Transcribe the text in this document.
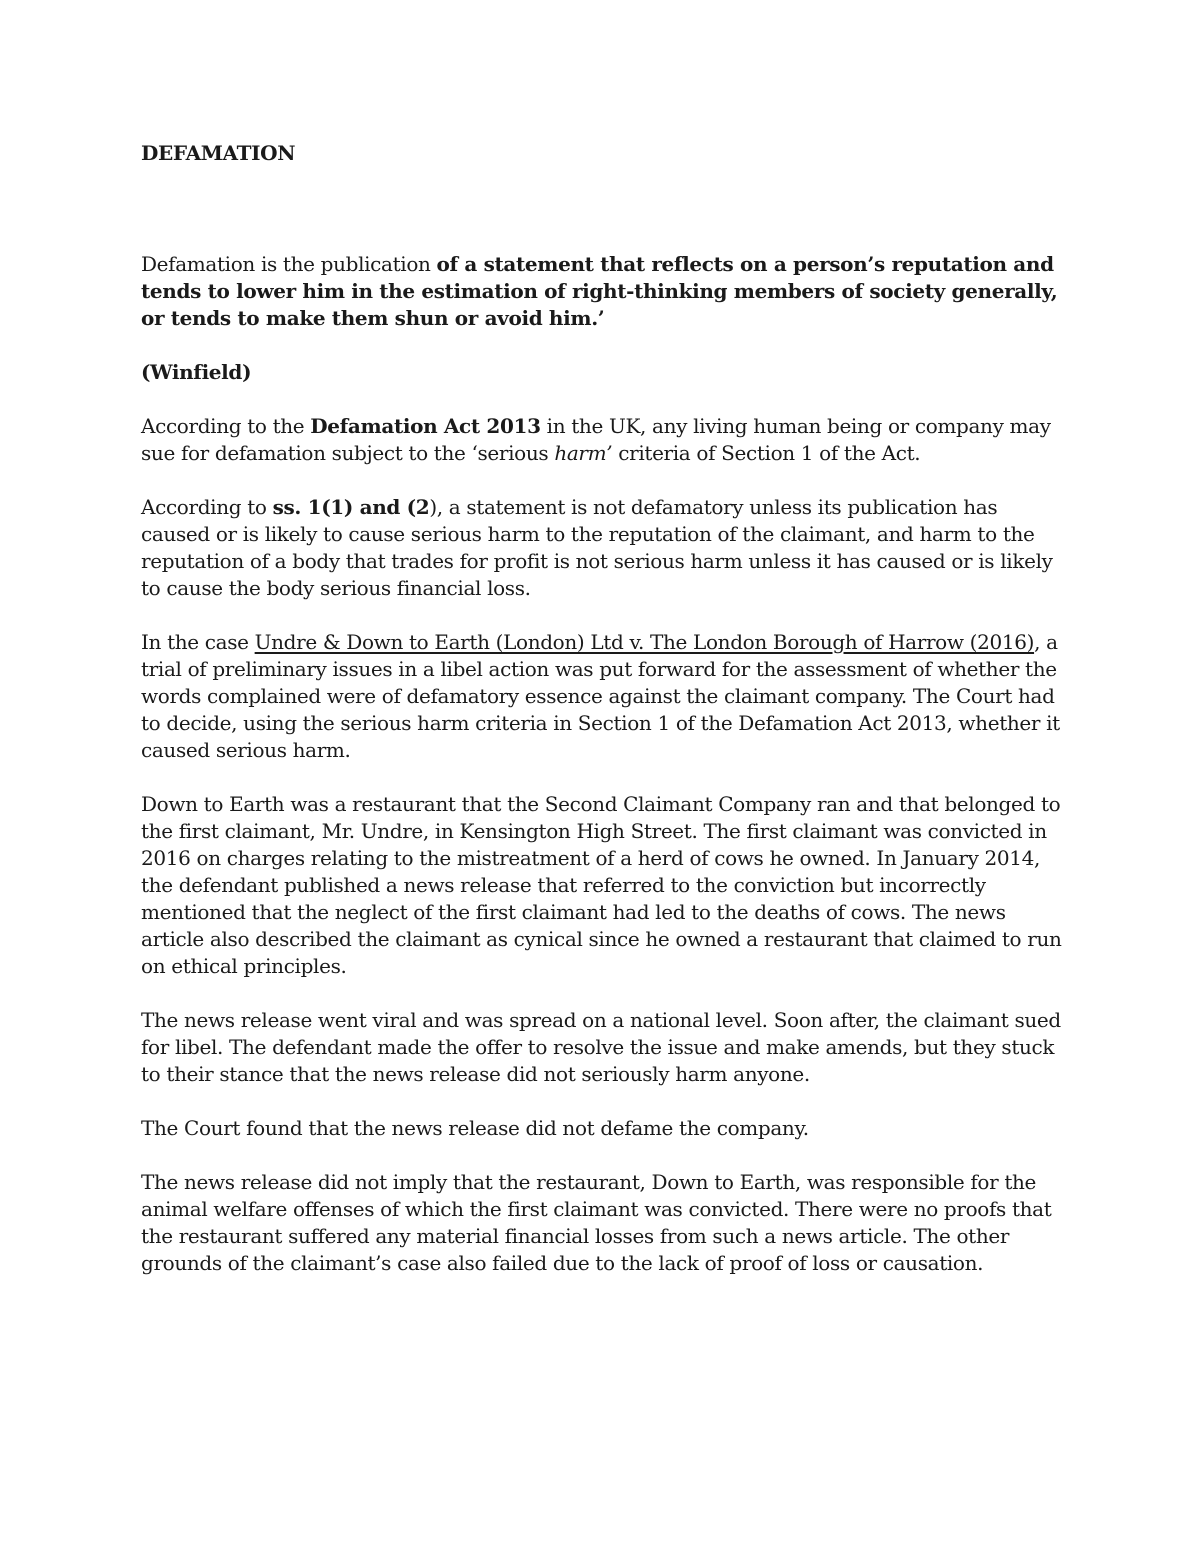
DEFAMATION

Defamation is the publication of a statement that reflects on a person’s reputation and tends to lower him in the estimation of right-thinking members of society generally, or tends to make them shun or avoid him.’

(Winfield)

According to the Defamation Act 2013 in the UK, any living human being or company may sue for defamation subject to the ‘serious harm’ criteria of Section 1 of the Act.

According to ss. 1(1) and (2), a statement is not defamatory unless its publication has caused or is likely to cause serious harm to the reputation of the claimant, and harm to the reputation of a body that trades for profit is not serious harm unless it has caused or is likely to cause the body serious financial loss.

In the case Undre & Down to Earth (London) Ltd v. The London Borough of Harrow (2016), a trial of preliminary issues in a libel action was put forward for the assessment of whether the words complained were of defamatory essence against the claimant company. The Court had to decide, using the serious harm criteria in Section 1 of the Defamation Act 2013, whether it caused serious harm.

Down to Earth was a restaurant that the Second Claimant Company ran and that belonged to the first claimant, Mr. Undre, in Kensington High Street. The first claimant was convicted in 2016 on charges relating to the mistreatment of a herd of cows he owned. In January 2014, the defendant published a news release that referred to the conviction but incorrectly mentioned that the neglect of the first claimant had led to the deaths of cows. The news article also described the claimant as cynical since he owned a restaurant that claimed to run on ethical principles.

The news release went viral and was spread on a national level. Soon after, the claimant sued for libel. The defendant made the offer to resolve the issue and make amends, but they stuck to their stance that the news release did not seriously harm anyone.

The Court found that the news release did not defame the company.

The news release did not imply that the restaurant, Down to Earth, was responsible for the animal welfare offenses of which the first claimant was convicted. There were no proofs that the restaurant suffered any material financial losses from such a news article. The other grounds of the claimant’s case also failed due to the lack of proof of loss or causation.
